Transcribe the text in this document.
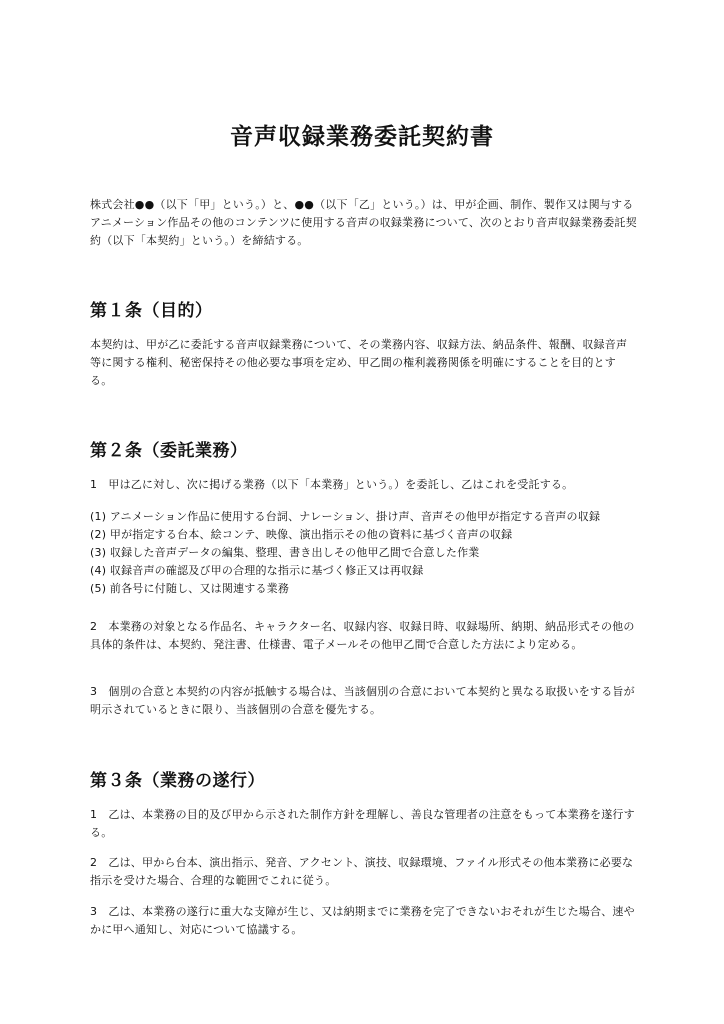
音声収録業務委託契約書

株式会社●●（以下「甲」という。）と、●●（以下「乙」という。）は、甲が企画、制作、製作又は関与するアニメーション作品その他のコンテンツに使用する音声の収録業務について、次のとおり音声収録業務委託契約（以下「本契約」という。）を締結する。

第１条（目的）

本契約は、甲が乙に委託する音声収録業務について、その業務内容、収録方法、納品条件、報酬、収録音声等に関する権利、秘密保持その他必要な事項を定め、甲乙間の権利義務関係を明確にすることを目的とする。

第２条（委託業務）

1　甲は乙に対し、次に掲げる業務（以下「本業務」という。）を委託し、乙はこれを受託する。

(1) アニメーション作品に使用する台詞、ナレーション、掛け声、音声その他甲が指定する音声の収録
(2) 甲が指定する台本、絵コンテ、映像、演出指示その他の資料に基づく音声の収録
(3) 収録した音声データの編集、整理、書き出しその他甲乙間で合意した作業
(4) 収録音声の確認及び甲の合理的な指示に基づく修正又は再収録
(5) 前各号に付随し、又は関連する業務

2　本業務の対象となる作品名、キャラクター名、収録内容、収録日時、収録場所、納期、納品形式その他の具体的条件は、本契約、発注書、仕様書、電子メールその他甲乙間で合意した方法により定める。

3　個別の合意と本契約の内容が抵触する場合は、当該個別の合意において本契約と異なる取扱いをする旨が明示されているときに限り、当該個別の合意を優先する。

第３条（業務の遂行）

1　乙は、本業務の目的及び甲から示された制作方針を理解し、善良な管理者の注意をもって本業務を遂行する。

2　乙は、甲から台本、演出指示、発音、アクセント、演技、収録環境、ファイル形式その他本業務に必要な指示を受けた場合、合理的な範囲でこれに従う。

3　乙は、本業務の遂行に重大な支障が生じ、又は納期までに業務を完了できないおそれが生じた場合、速やかに甲へ通知し、対応について協議する。
